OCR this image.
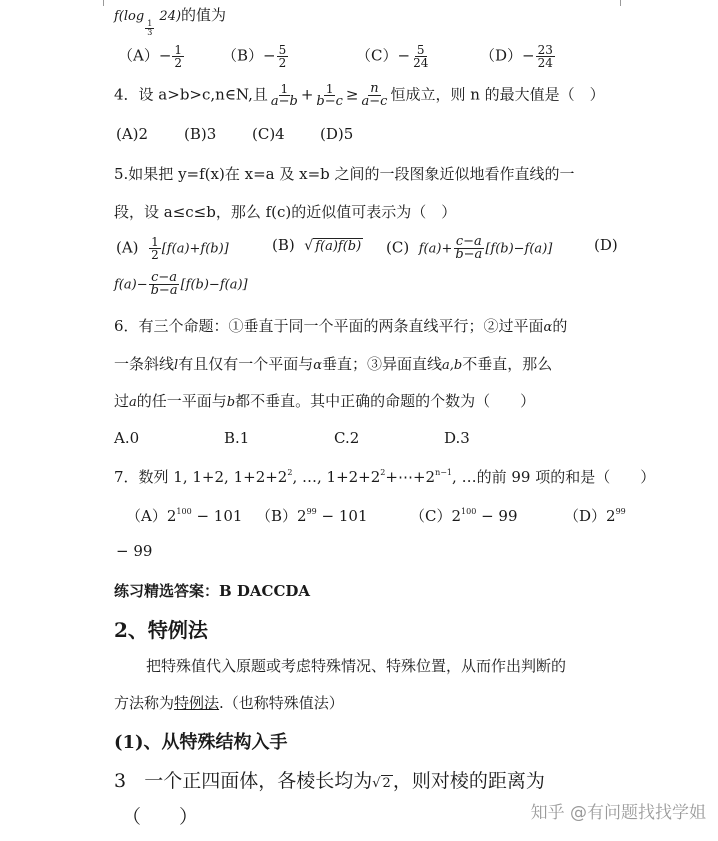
f(log
$\frac{1}{3}$
24)的值为
$(A)- \frac{1}{2}$	$(B)- \frac{5}{2}$	$(C)- \frac{5}{24}$	$(D)- \frac{23}{24}$
4．设 a>b>c,n∈N,且 $\frac{1}{a-b} + \frac{1}{b-c} \ge \frac{n}{a-c}$ 恒成立，则 n 的最大值是（　）
(A)2 (B)3 (C)4 (D)5
5.如果把 y=f(x)在 x=a 及 x=b 之间的一段图象近似地看作直线的一
段，设 a≤c≤b，那么 f(c)的近似值可表示为（　）
$(A) \frac{1}{2} [f(a)+f(b)]$	(B) √ f(a)f(b) (C) $f(a)+ \frac{c-a}{b-a} [f(b)-f(a)]$	(D)
$f(a)- \frac{c-a}{b-a} [f(b)-f(a)]$
6．有三个命题：①垂直于同一个平面的两条直线平行；②过平面α的
一条斜线l有且仅有一个平面与α垂直；③异面直线a,b不垂直，那么
过a的任一平面与b都不垂直。其中正确的命题的个数为（　　）
A.0	B.1	C.2	D.3
7．数列 1, 1+2, $1+2+2^2$, …, $1+2+2^2+\cdots+2^{n-1}$, …的前 99 项的和是（　　）
$(A)2^{100} - 101$ $(B)2^{99} - 101$	$(C)2^{100} - 99$	$(D)2^{99}$
− 99
练习精选答案：B DACCDA
2、特例法
把特殊值代入原题或考虑特殊情况、特殊位置，从而作出判断的
方法称为特例法.（也称特殊值法）
(1)、从特殊结构入手
3 一个正四面体，各棱长均为√ 2 ，则对棱的距离为
（　　）	知乎 @有问题找找学姐
